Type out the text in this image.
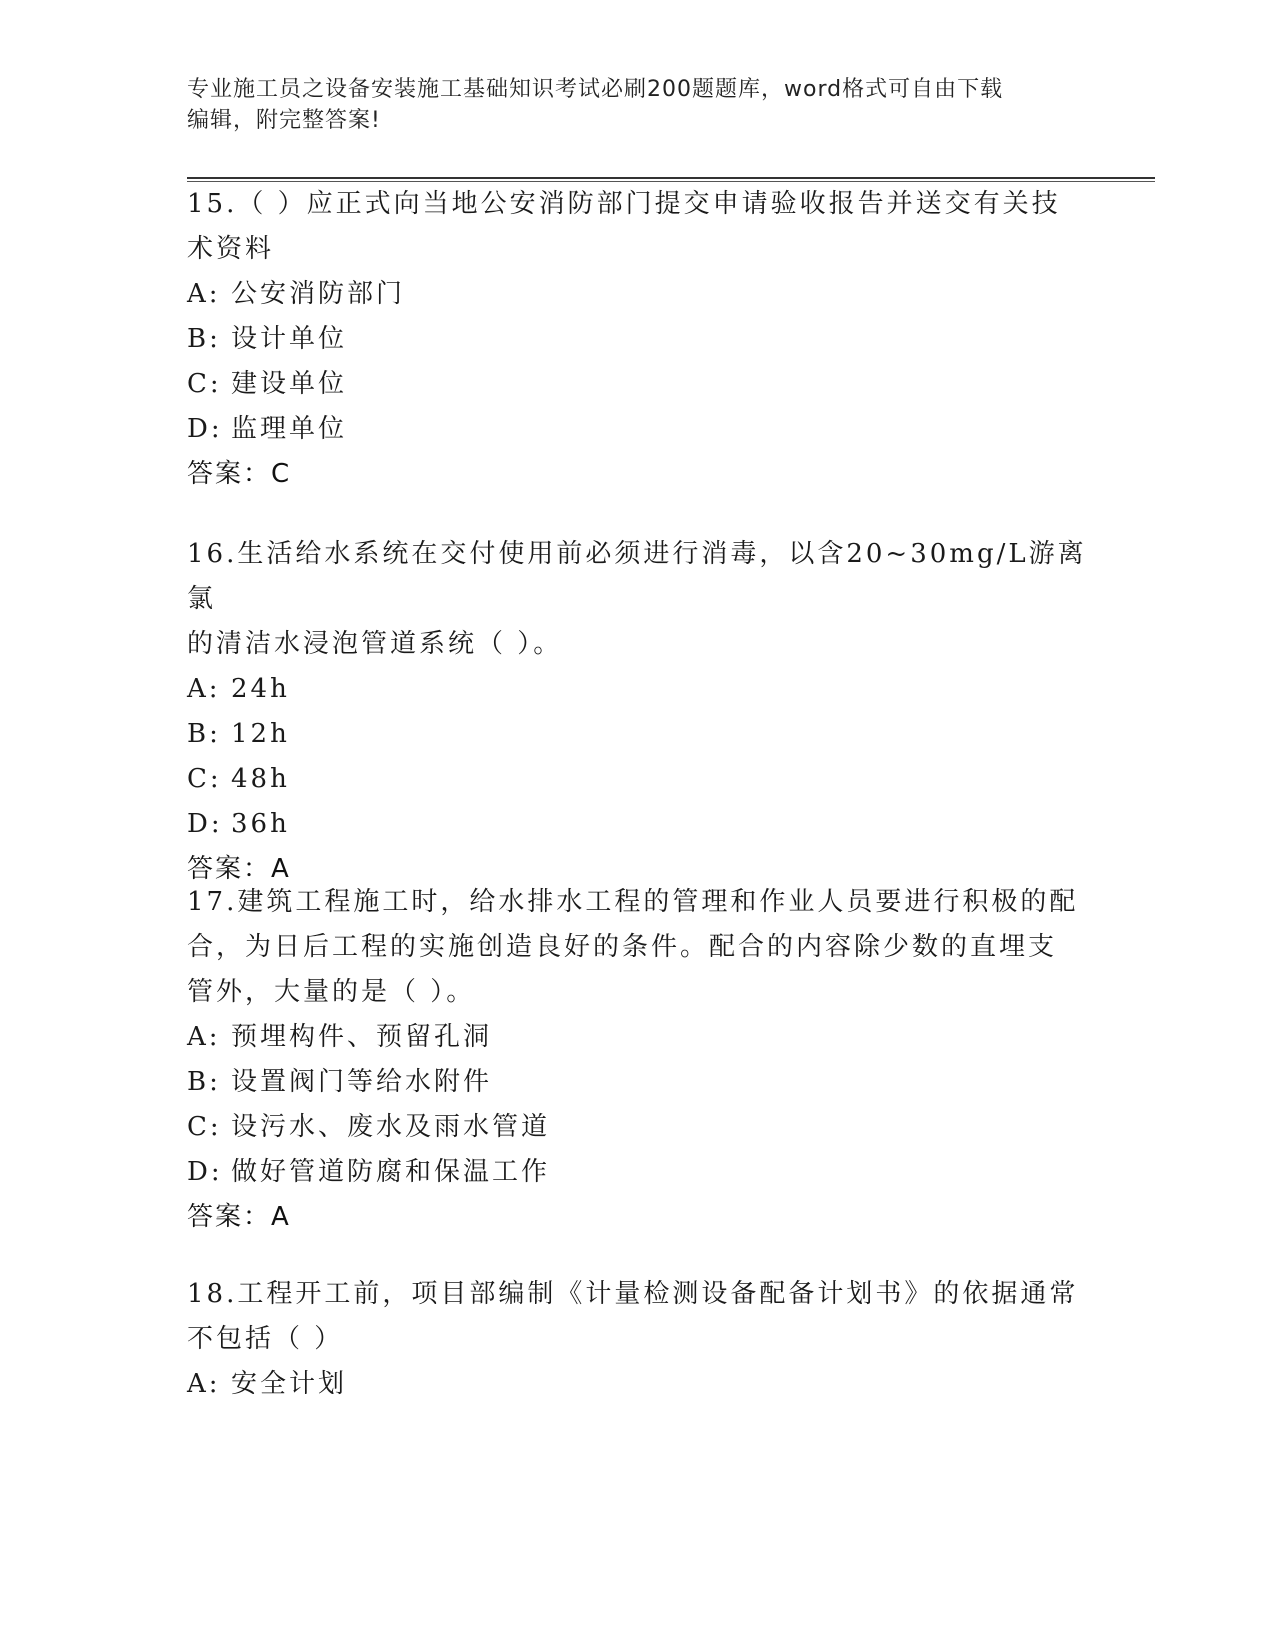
专业施工员之设备安装施工基础知识考试必刷200题题库，word格式可自由下载
编辑，附完整答案!

15.（ ）应正式向当地公安消防部门提交申请验收报告并送交有关技

术资料

A: 公安消防部门

B: 设计单位

C: 建设单位

D: 监理单位

答案：C

16.生活给水系统在交付使用前必须进行消毒，以含20~30mg/L游离氯

的清洁水浸泡管道系统（ ）。

A: 24h

B: 12h

C: 48h

D: 36h

答案：A

17.建筑工程施工时，给水排水工程的管理和作业人员要进行积极的配

合，为日后工程的实施创造良好的条件。配合的内容除少数的直埋支

管外，大量的是（ ）。

A: 预埋构件、预留孔洞

B: 设置阀门等给水附件

C: 设污水、废水及雨水管道

D: 做好管道防腐和保温工作

答案：A

18.工程开工前，项目部编制《计量检测设备配备计划书》的依据通常

不包括（ ）

A: 安全计划
